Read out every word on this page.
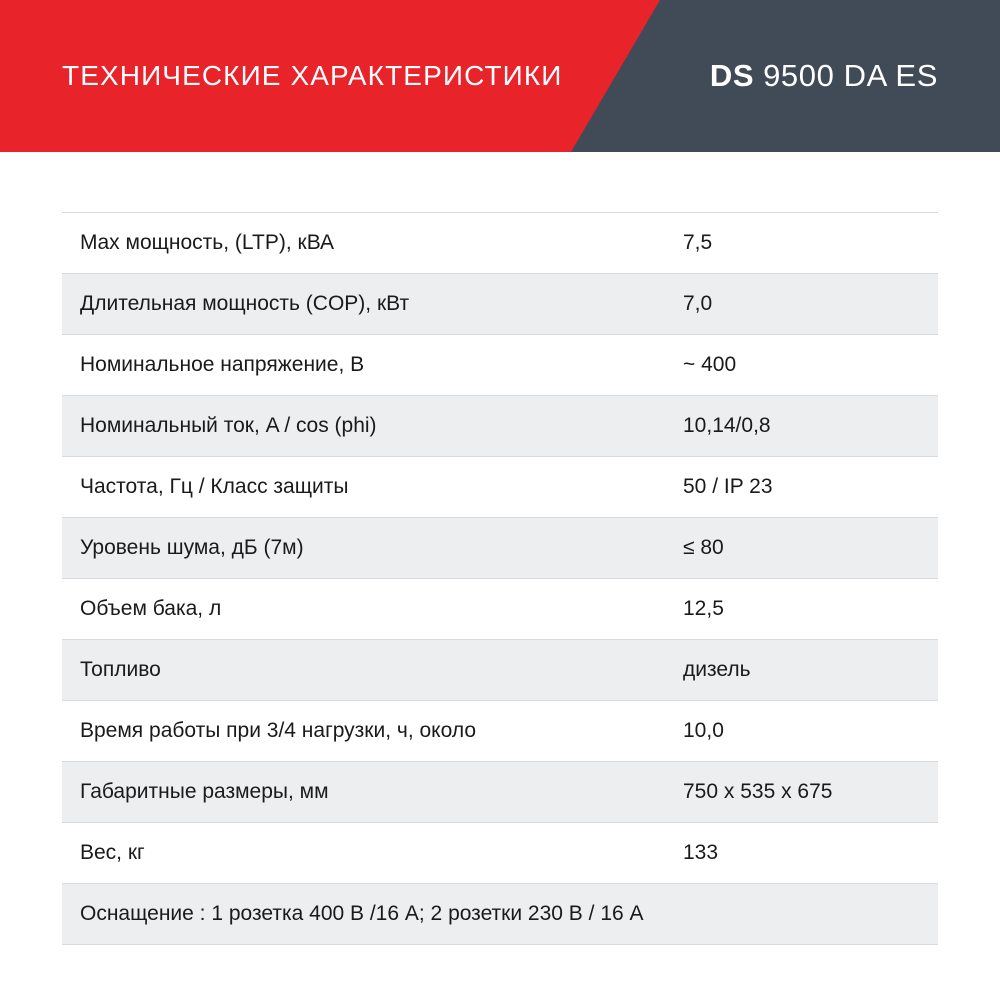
ТЕХНИЧЕСКИЕ ХАРАКТЕРИСТИКИ	DS 9500 DA ES
Max мощность, (LTP), кВА	7,5
Длительная мощность (COP), кВт	7,0
Номинальное напряжение, В	~ 400
Номинальный ток, A / cos (phi)	10,14/0,8
Частота, Гц / Класс защиты	50 / IP 23
Уровень шума, дБ (7м)	≤ 80
Объем бака, л	12,5
Топливо	дизель
Время работы при 3/4 нагрузки, ч, около	10,0
Габаритные размеры, мм	750 x 535 x 675
Вес, кг	133
Оснащение : 1 розетка 400 В /16 A; 2 розетки 230 В / 16 A	
